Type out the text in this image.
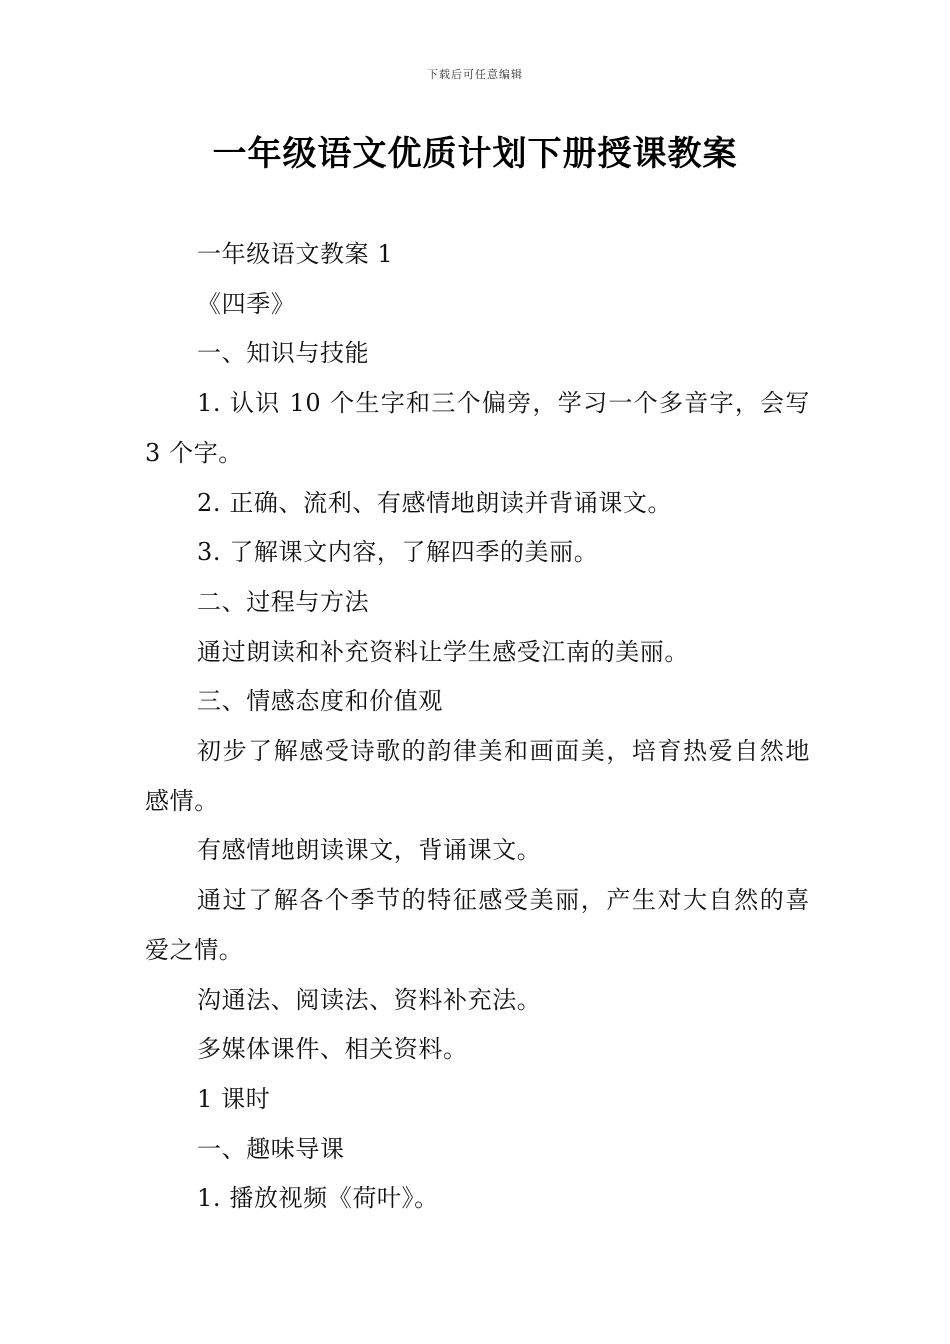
下载后可任意编辑
一年级语文优质计划下册授课教案

一年级语文教案 1

《四季》

一、知识与技能

1. 认识 10 个生字和三个偏旁，学习一个多音字，会写 3 个字。

2. 正确、流利、有感情地朗读并背诵课文。

3. 了解课文内容，了解四季的美丽。

二、过程与方法

通过朗读和补充资料让学生感受江南的美丽。

三、情感态度和价值观

初步了解感受诗歌的韵律美和画面美，培育热爱自然地感情。

有感情地朗读课文，背诵课文。

通过了解各个季节的特征感受美丽，产生对大自然的喜爱之情。

沟通法、阅读法、资料补充法。

多媒体课件、相关资料。

1 课时

一、趣味导课

1. 播放视频《荷叶》。
